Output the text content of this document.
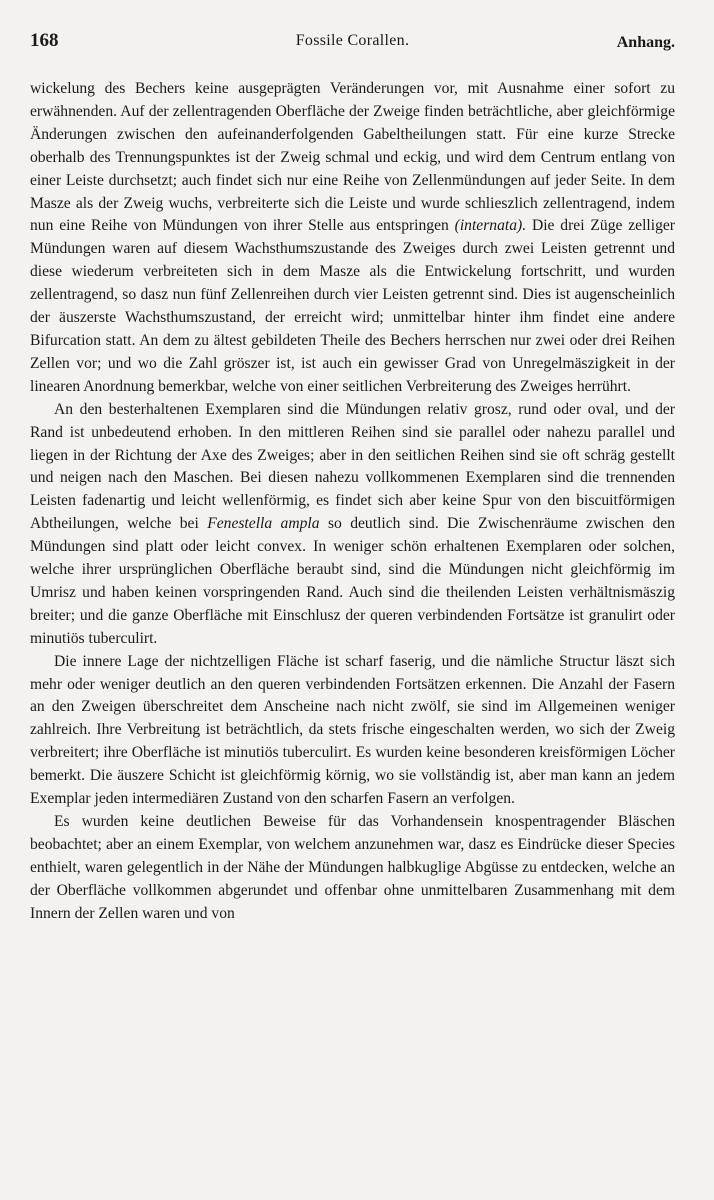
168	Fossile Corallen.	Anhang.

wickelung des Bechers keine ausgeprägten Veränderungen vor, mit Ausnahme einer sofort zu erwähnenden. Auf der zellentragenden Oberfläche der Zweige finden beträchtliche, aber gleichförmige Änderungen zwischen den aufeinanderfolgenden Gabeltheilungen statt. Für eine kurze Strecke oberhalb des Trennungspunktes ist der Zweig schmal und eckig, und wird dem Centrum entlang von einer Leiste durchsetzt; auch findet sich nur eine Reihe von Zellenmündungen auf jeder Seite. In dem Masze als der Zweig wuchs, verbreiterte sich die Leiste und wurde schlieszlich zellentragend, indem nun eine Reihe von Mündungen von ihrer Stelle aus entspringen (internata). Die drei Züge zelliger Mündungen waren auf diesem Wachsthumszustande des Zweiges durch zwei Leisten getrennt und diese wiederum verbreiteten sich in dem Masze als die Entwickelung fortschritt, und wurden zellentragend, so dasz nun fünf Zellenreihen durch vier Leisten getrennt sind. Dies ist augenscheinlich der äuszerste Wachsthumszustand, der erreicht wird; unmittelbar hinter ihm findet eine andere Bifurcation statt. An dem zu ältest gebildeten Theile des Bechers herrschen nur zwei oder drei Reihen Zellen vor; und wo die Zahl gröszer ist, ist auch ein gewisser Grad von Unregelmäszigkeit in der linearen Anordnung bemerkbar, welche von einer seitlichen Verbreiterung des Zweiges herrührt.

An den besterhaltenen Exemplaren sind die Mündungen relativ grosz, rund oder oval, und der Rand ist unbedeutend erhoben. In den mittleren Reihen sind sie parallel oder nahezu parallel und liegen in der Richtung der Axe des Zweiges; aber in den seitlichen Reihen sind sie oft schräg gestellt und neigen nach den Maschen. Bei diesen nahezu vollkommenen Exemplaren sind die trennenden Leisten fadenartig und leicht wellenförmig, es findet sich aber keine Spur von den biscuitförmigen Abtheilungen, welche bei Fenestella ampla so deutlich sind. Die Zwischenräume zwischen den Mündungen sind platt oder leicht convex. In weniger schön erhaltenen Exemplaren oder solchen, welche ihrer ursprünglichen Oberfläche beraubt sind, sind die Mündungen nicht gleichförmig im Umrisz und haben keinen vorspringenden Rand. Auch sind die theilenden Leisten verhältnismäszig breiter; und die ganze Oberfläche mit Einschlusz der queren verbindenden Fortsätze ist granulirt oder minutiös tuberculirt.

Die innere Lage der nichtzelligen Fläche ist scharf faserig, und die nämliche Structur läszt sich mehr oder weniger deutlich an den queren verbindenden Fortsätzen erkennen. Die Anzahl der Fasern an den Zweigen überschreitet dem Anscheine nach nicht zwölf, sie sind im Allgemeinen weniger zahlreich. Ihre Verbreitung ist beträchtlich, da stets frische eingeschalten werden, wo sich der Zweig verbreitert; ihre Oberfläche ist minutiös tuberculirt. Es wurden keine besonderen kreisförmigen Löcher bemerkt. Die äuszere Schicht ist gleichförmig körnig, wo sie vollständig ist, aber man kann an jedem Exemplar jeden intermediären Zustand von den scharfen Fasern an verfolgen.

Es wurden keine deutlichen Beweise für das Vorhandensein knospentragender Bläschen beobachtet; aber an einem Exemplar, von welchem anzunehmen war, dasz es Eindrücke dieser Species enthielt, waren gelegentlich in der Nähe der Mündungen halbkuglige Abgüsse zu entdecken, welche an der Oberfläche vollkommen abgerundet und offenbar ohne unmittelbaren Zusammenhang mit dem Innern der Zellen waren und von
